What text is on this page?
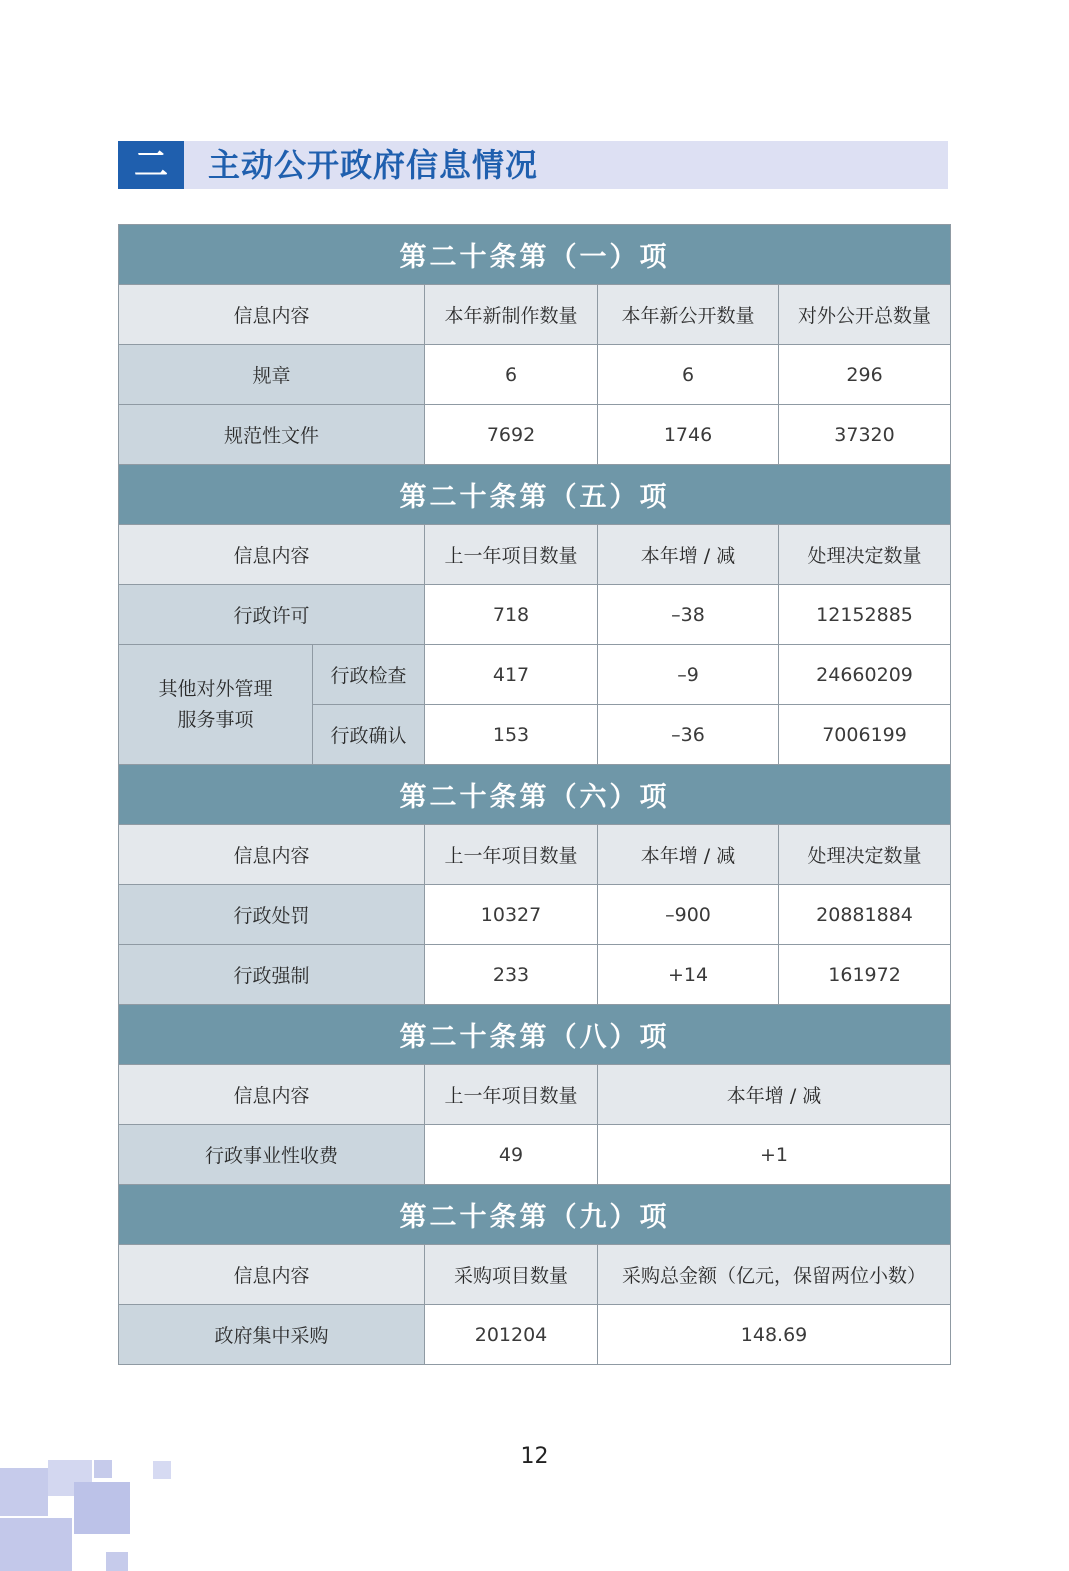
二	主动公开政府信息情况
第二十条第（一）项				
信息内容		本年新制作数量	本年新公开数量	对外公开总数量
规章		6	6	296
规范性文件		7692	1746	37320
第二十条第（五）项				
信息内容		上一年项目数量	本年增 / 减	处理决定数量
行政许可		718	–38	12152885

其他对外管理
服务事项	行政检查	417	–9	24660209
	行政确认	153	–36	7006199
第二十条第（六）项				
信息内容		上一年项目数量	本年增 / 减	处理决定数量
行政处罚		10327	–900	20881884
行政强制		233	+14	161972
第二十条第（八）项				
信息内容		上一年项目数量	本年增 / 减	
行政事业性收费		49	+1	
第二十条第（九）项				
信息内容		采购项目数量	采购总金额（亿元，保留两位小数）	
政府集中采购		201204	148.69	
12
